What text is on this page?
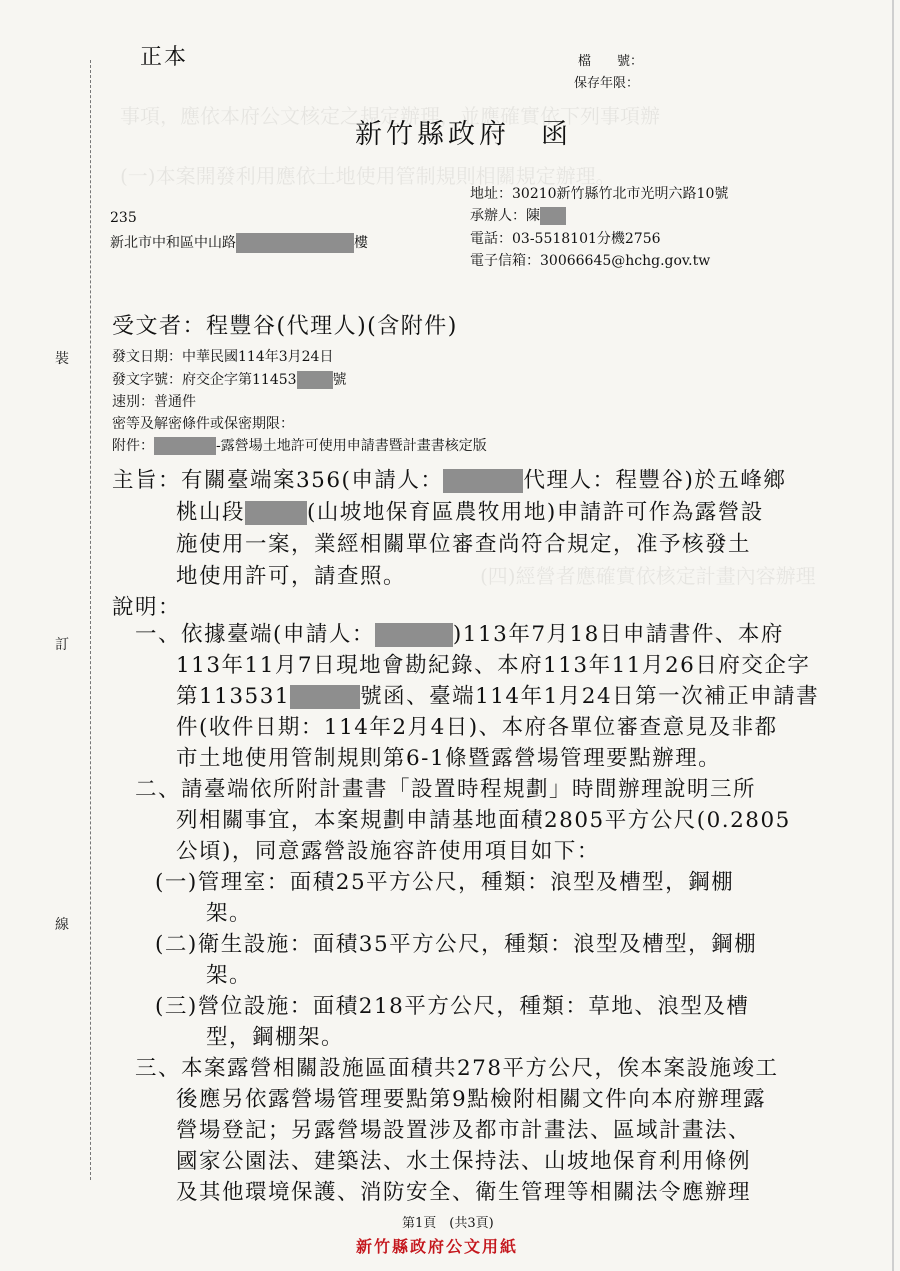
事項，應依本府公文核定之規定辦理，並應確實依下列事項辦
(一)本案開發利用應依土地使用管制規則相關規定辦理。
(四)經營者應確實依核定計畫內容辦理
裝
訂
線
正本	檔　　號：
保存年限：
新竹縣政府　函
地址：30210新竹縣竹北市光明六路10號
承辦人：陳
電話：03-5518101分機2756
電子信箱：30066645@hchg.gov.tw
235
新北市中和區中山路	樓
受文者：程豐谷(代理人)(含附件)
發文日期：中華民國114年3月24日
發文字號：府交企字第11453	號
速別：普通件
密等及解密條件或保密期限：
附件：	-露營場土地許可使用申請書暨計畫書核定版
主旨：有關臺端案356(申請人：	代理人：程豐谷)於五峰鄉
桃山段	(山坡地保育區農牧用地)申請許可作為露營設
施使用一案，業經相關單位審查尚符合規定，准予核發土
地使用許可，請查照。
說明：
一、依據臺端(申請人：	)113年7月18日申請書件、本府
113年11月7日現地會勘紀錄、本府113年11月26日府交企字
第113531	號函、臺端114年1月24日第一次補正申請書
件(收件日期：114年2月4日)、本府各單位審查意見及非都
市土地使用管制規則第6-1條暨露營場管理要點辦理。
二、請臺端依所附計畫書「設置時程規劃」時間辦理說明三所
列相關事宜，本案規劃申請基地面積2805平方公尺(0.2805
公頃)，同意露營設施容許使用項目如下：
(一)管理室：面積25平方公尺，種類：浪型及槽型，鋼棚
架。
(二)衛生設施：面積35平方公尺，種類：浪型及槽型，鋼棚
架。
(三)營位設施：面積218平方公尺，種類：草地、浪型及槽
型，鋼棚架。
三、本案露營相關設施區面積共278平方公尺，俟本案設施竣工
後應另依露營場管理要點第9點檢附相關文件向本府辦理露
營場登記；另露營場設置涉及都市計畫法、區域計畫法、
國家公園法、建築法、水土保持法、山坡地保育利用條例
及其他環境保護、消防安全、衛生管理等相關法令應辦理
第1頁　(共3頁)
新竹縣政府公文用紙
